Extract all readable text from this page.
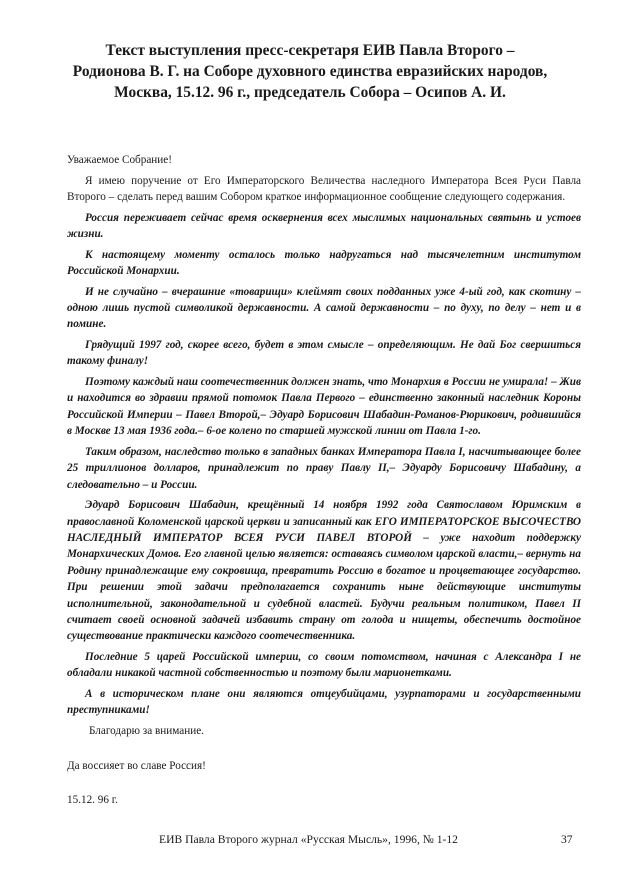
Текст выступления пресс-секретаря ЕИВ Павла Второго –
Родионова В. Г. на Соборе духовного единства евразийских народов,
Москва, 15.12. 96 г., председатель Собора – Осипов А. И.

Уважаемое Собрание!

Я имею поручение от Его Императорского Величества наследного Императора Всея Руси Павла Второго – сделать перед вашим Собором краткое информационное сообщение следующего содержания.

Россия переживает сейчас время осквернения всех мыслимых национальных святынь и устоев жизни.

К настоящему моменту осталось только надругаться над тысячелетним институтом Российской Монархии.

И не случайно – вчерашние «товарищи» клеймят своих подданных уже 4-ый год, как скотину – одною лишь пустой символикой державности. А самой державности – по духу, по делу – нет и в помине.

Грядущий 1997 год, скорее всего, будет в этом смысле – определяющим. Не дай Бог свершиться такому финалу!

Поэтому каждый наш соотечественник должен знать, что Монархия в России не умирала! – Жив и находится во здравии прямой потомок Павла Первого – единственно законный наследник Короны Российской Империи – Павел Второй,– Эдуард Борисович Шабадин-Романов-Рюрикович, родившийся в Москве 13 мая 1936 года.– 6-ое колено по старшей мужской линии от Павла 1-го.

Таким образом, наследство только в западных банках Императора Павла I, насчитывающее более 25 триллионов долларов, принадлежит по праву Павлу II,– Эдуарду Борисовичу Шабадину, а следовательно – и России.

Эдуард Борисович Шабадин, крещённый 14 ноября 1992 года Святославом Юримским в православной Коломенской царской церкви и записанный как ЕГО ИМПЕРАТОРСКОЕ ВЫСОЧЕСТВО НАСЛЕДНЫЙ ИМПЕРАТОР ВСЕЯ РУСИ ПАВЕЛ ВТОРОЙ – уже находит поддержку Монархических Домов. Его главной целью является: оставаясь символом царской власти,– вернуть на Родину принадлежащие ему сокровища, превратить Россию в богатое и процветающее государство. При решении этой задачи предполагается сохранить ныне действующие институты исполнительной, законодательной и судебной властей. Будучи реальным политиком, Павел II считает своей основной задачей избавить страну от голода и нищеты, обеспечить достойное существование практически каждого соотечественника.

Последние 5 царей Российской империи, со своим потомством, начиная с Александра I не обладали никакой частной собственностью и поэтому были марионетками.

А в историческом плане они являются отцеубийцами, узурпаторами и государственными преступниками!

Благодарю за внимание.

Да воссияет во славе Россия!

15.12. 96 г.

ЕИВ Павла Второго журнал «Русская Мысль», 1996, № 1-12	37
